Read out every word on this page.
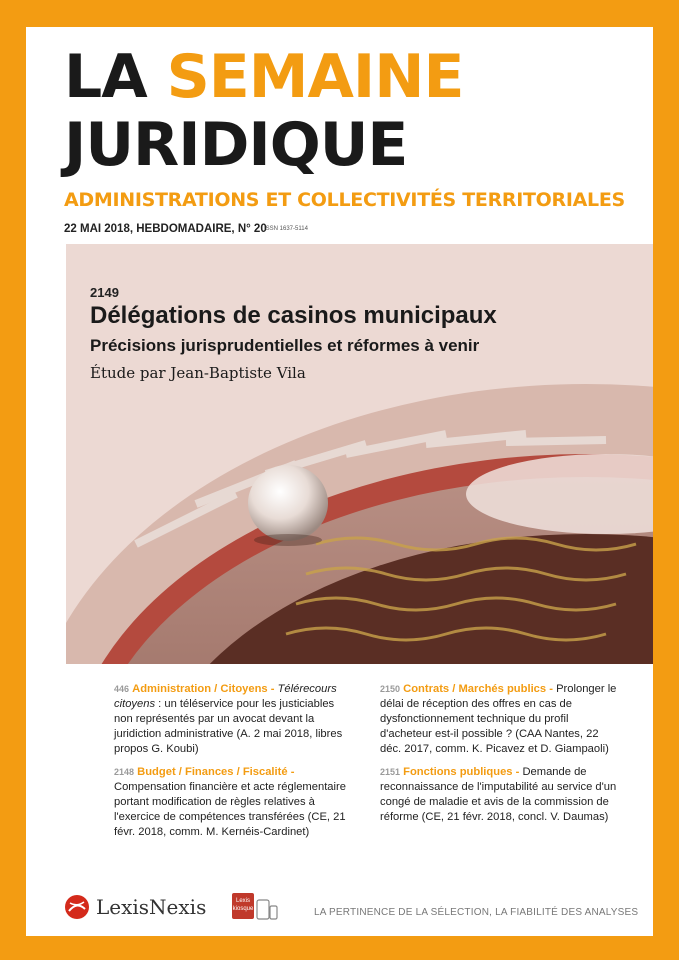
LA SEMAINE
JURIDIQUE
ADMINISTRATIONS ET COLLECTIVITÉS TERRITORIALES
22 MAI 2018, HEBDOMADAIRE, N° 20
ISSN 1637-5114
2149
Délégations de casinos municipaux
Précisions jurisprudentielles et réformes à venir
Étude par Jean-Baptiste Vila
446 Administration / Citoyens - Télérecours citoyens : un téléservice pour les justiciables non représentés par un avocat devant la juridiction administrative (A. 2 mai 2018, libres propos G. Koubi)
2148 Budget / Finances / Fiscalité - Compensation financière et acte réglementaire portant modification de règles relatives à l'exercice de compétences transférées (CE, 21 févr. 2018, comm. M. Kernéis-Cardinet)
2150 Contrats / Marchés publics - Prolonger le délai de réception des offres en cas de dysfonctionnement technique du profil d'acheteur est-il possible ? (CAA Nantes, 22 déc. 2017, comm. K. Picavez et D. Giampaoli)
2151 Fonctions publiques - Demande de reconnaissance de l'imputabilité au service d'un congé de maladie et avis de la commission de réforme (CE, 21 févr. 2018, concl. V. Daumas)
LexisNexis	Lexis
kiosque	LA PERTINENCE DE LA SÉLECTION, LA FIABILITÉ DES ANALYSES
